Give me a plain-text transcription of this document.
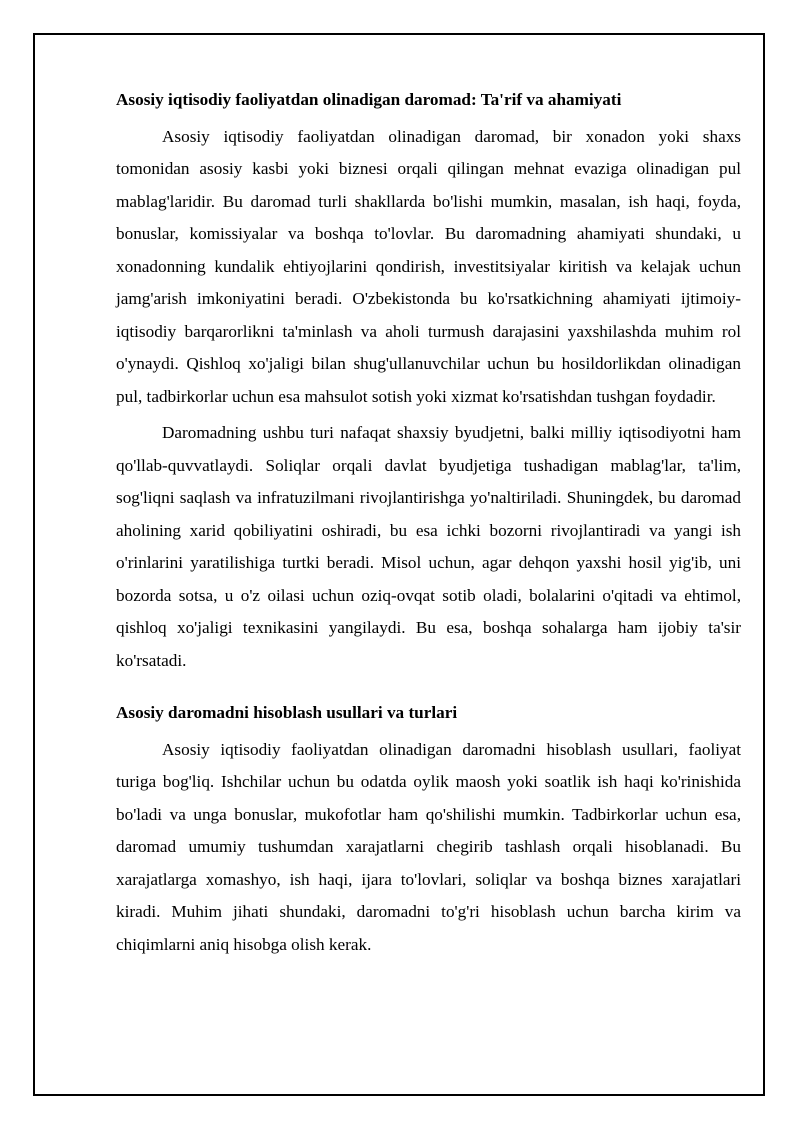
Asosiy iqtisodiy faoliyatdan olinadigan daromad: Ta'rif va ahamiyati

Asosiy iqtisodiy faoliyatdan olinadigan daromad, bir xonadon yoki shaxs tomonidan asosiy kasbi yoki biznesi orqali qilingan mehnat evaziga olinadigan pul mablag'laridir. Bu daromad turli shakllarda bo'lishi mumkin, masalan, ish haqi, foyda, bonuslar, komissiyalar va boshqa to'lovlar. Bu daromadning ahamiyati shundaki, u xonadonning kundalik ehtiyojlarini qondirish, investitsiyalar kiritish va kelajak uchun jamg'arish imkoniyatini beradi. O'zbekistonda bu ko'rsatkichning ahamiyati ijtimoiy-iqtisodiy barqarorlikni ta'minlash va aholi turmush darajasini yaxshilashda muhim rol o'ynaydi. Qishloq xo'jaligi bilan shug'ullanuvchilar uchun bu hosildorlikdan olinadigan pul, tadbirkorlar uchun esa mahsulot sotish yoki xizmat ko'rsatishdan tushgan foydadir.

Daromadning ushbu turi nafaqat shaxsiy byudjetni, balki milliy iqtisodiyotni ham qo'llab-quvvatlaydi. Soliqlar orqali davlat byudjetiga tushadigan mablag'lar, ta'lim, sog'liqni saqlash va infratuzilmani rivojlantirishga yo'naltiriladi. Shuningdek, bu daromad aholining xarid qobiliyatini oshiradi, bu esa ichki bozorni rivojlantiradi va yangi ish o'rinlarini yaratilishiga turtki beradi. Misol uchun, agar dehqon yaxshi hosil yig'ib, uni bozorda sotsa, u o'z oilasi uchun oziq-ovqat sotib oladi, bolalarini o'qitadi va ehtimol, qishloq xo'jaligi texnikasini yangilaydi. Bu esa, boshqa sohalarga ham ijobiy ta'sir ko'rsatadi.

Asosiy daromadni hisoblash usullari va turlari

Asosiy iqtisodiy faoliyatdan olinadigan daromadni hisoblash usullari, faoliyat turiga bog'liq. Ishchilar uchun bu odatda oylik maosh yoki soatlik ish haqi ko'rinishida bo'ladi va unga bonuslar, mukofotlar ham qo'shilishi mumkin. Tadbirkorlar uchun esa, daromad umumiy tushumdan xarajatlarni chegirib tashlash orqali hisoblanadi. Bu xarajatlarga xomashyo, ish haqi, ijara to'lovlari, soliqlar va boshqa biznes xarajatlari kiradi. Muhim jihati shundaki, daromadni to'g'ri hisoblash uchun barcha kirim va chiqimlarni aniq hisobga olish kerak.
